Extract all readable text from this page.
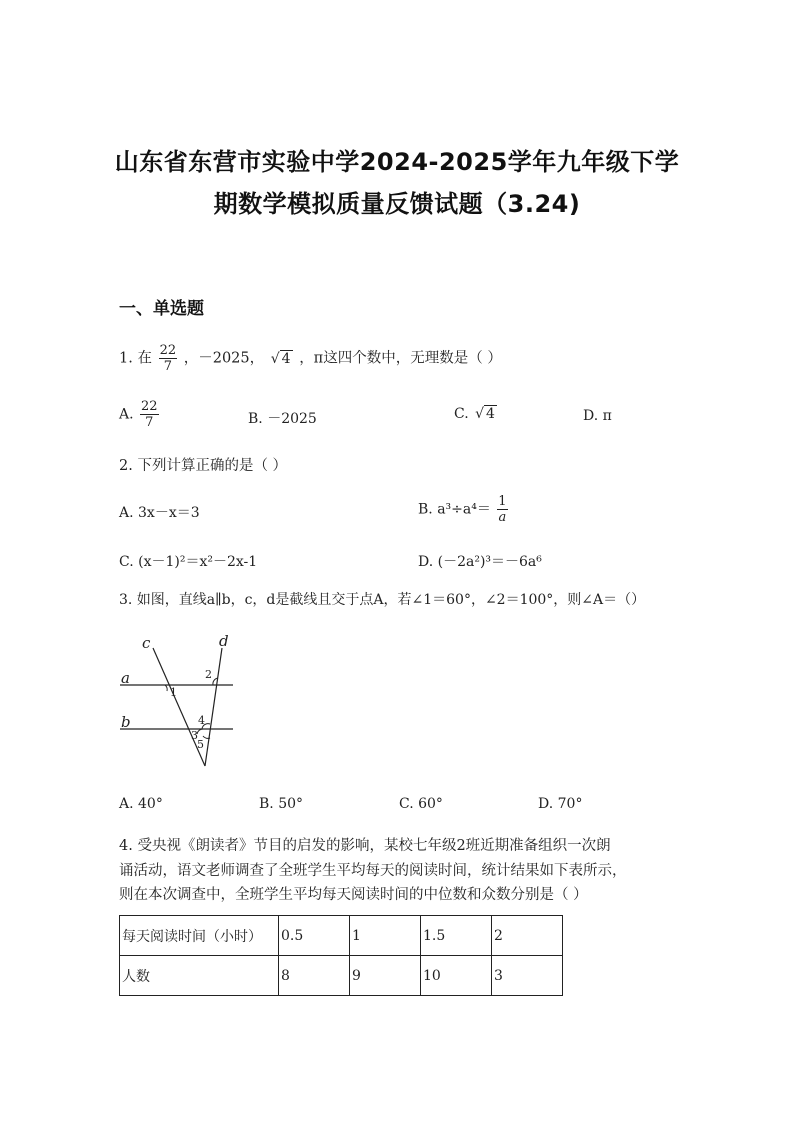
山东省东营市实验中学2024-2025学年九年级下学
期数学模拟质量反馈试题（3.24)
一、单选题
1. 在 $\frac{22}{7}$ ，－2025， √ 4 ，π这四个数中，无理数是（ ）
A. $\frac{22}{7}$	B. －2025	C. √ 4	D. π
2. 下列计算正确的是（ ）
A. 3x－x＝3	B. $a^3\div a^4= \frac{1}{a}$
C. (x－1)²＝x²－2x-1	D. (－2a²)³＝－6a⁶
3. 如图，直线a∥b，c，d是截线且交于点A，若∠1＝60°，∠2＝100°，则∠A＝（）
c	d
a
b
1
2
3
4
5
A. 40°	B. 50°	C. 60°	D. 70°
4. 受央视《朗读者》节目的启发的影响，某校七年级2班近期准备组织一次朗
诵活动，语文老师调查了全班学生平均每天的阅读时间，统计结果如下表所示，
则在本次调查中，全班学生平均每天阅读时间的中位数和众数分别是（ ）
每天阅读时间（小时）	0.5	1	1.5	2
人数	8	9	10	3
